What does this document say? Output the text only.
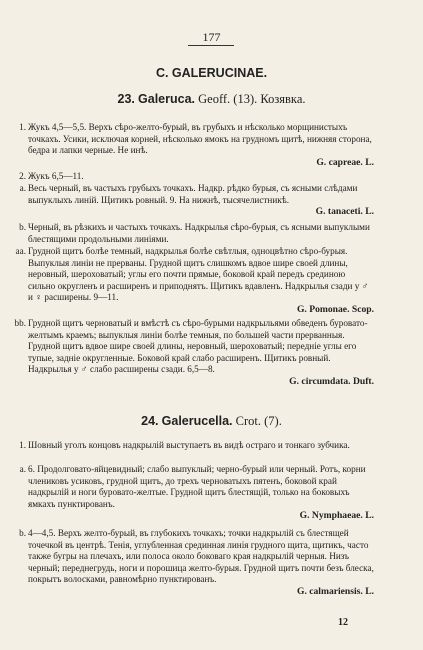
177
C. GALERUCINAE.
23. Galeruca. Geoff. (13). Козявка.
1. Жукъ 4,5—5,5. Верхъ сѣро-желто-бурый, въ грубыхъ и нѣсколько морщинистыхъ точкахъ. Усики, исключая корней, нѣсколько ямокъ на грудномъ щитѣ, нижняя сторона, бедра и лапки черные. Не инѣ.
G. capreae. L.
2. Жукъ 6,5—11.
a. Весь черный, въ частыхъ грубыхъ точкахъ. Надкр. рѣдко бурыя, съ ясными слѣдами выпуклыхъ линій. Щитикъ ровный. 9. На нижнѣ, тысячелистникѣ.
G. tanaceti. L.
b. Черный, въ рѣзкихъ и частыхъ точкахъ. Надкрылья сѣро-бурыя, съ ясными выпуклыми блестящими продольными линіями.
aa. Грудной щитъ болѣе темный, надкрылья болѣе свѣтлыя, одноцвѣтно сѣро-бурыя. Выпуклыя линіи не прерваны. Грудной щитъ слишкомъ вдвое шире своей длины, неровный, шероховатый; углы его почти прямые, боковой край передъ срединою сильно округленъ и расширенъ и приподнятъ. Щитикъ вдавленъ. Надкрылья сзади у ♂ и ♀ расширены. 9—11.
G. Pomonae. Scop.
bb. Грудной щитъ черноватый и вмѣстѣ съ сѣро-бурыми надкрыльями обведенъ буровато-желтымъ краемъ; выпуклыя линіи болѣе темныя, по большей части прерванныя. Грудной щитъ вдвое шире своей длины, неровный, шероховатый; передніе углы его тупые, задніе округленные. Боковой край слабо расширенъ. Щитикъ ровный. Надкрылья у ♂ слабо расширены сзади. 6,5—8.
G. circumdata. Duft.
24. Galerucella. Crot. (7).
1. Шовный уголъ концовъ надкрылій выступаетъ въ видѣ остраго и тонкаго зубчика.
a. 6. Продолговато-яйцевидный; слабо выпуклый; черно-бурый или черный. Ротъ, корни члениковъ усиковъ, грудной щитъ, до трехъ черноватыхъ пятенъ, боковой край надкрылій и ноги буровато-желтые. Грудной щитъ блестящій, только на боковыхъ ямкахъ пунктированъ.
G. Nymphaeae. L.
b. 4—4,5. Верхъ желто-бурый, въ глубокихъ точкахъ; точки надкрылій съ блестящей точечкой въ центрѣ. Тенія, углубленная срединная линія грудного щита, щитикъ, часто также бугры на плечахъ, или полоса около боковаго края надкрылій черныя. Низъ черный; переднегрудь, ноги и порошица желто-бурыя. Грудной щитъ почти безъ блеска, покрытъ волосками, равномѣрно пунктированъ.
G. calmariensis. L.
12
